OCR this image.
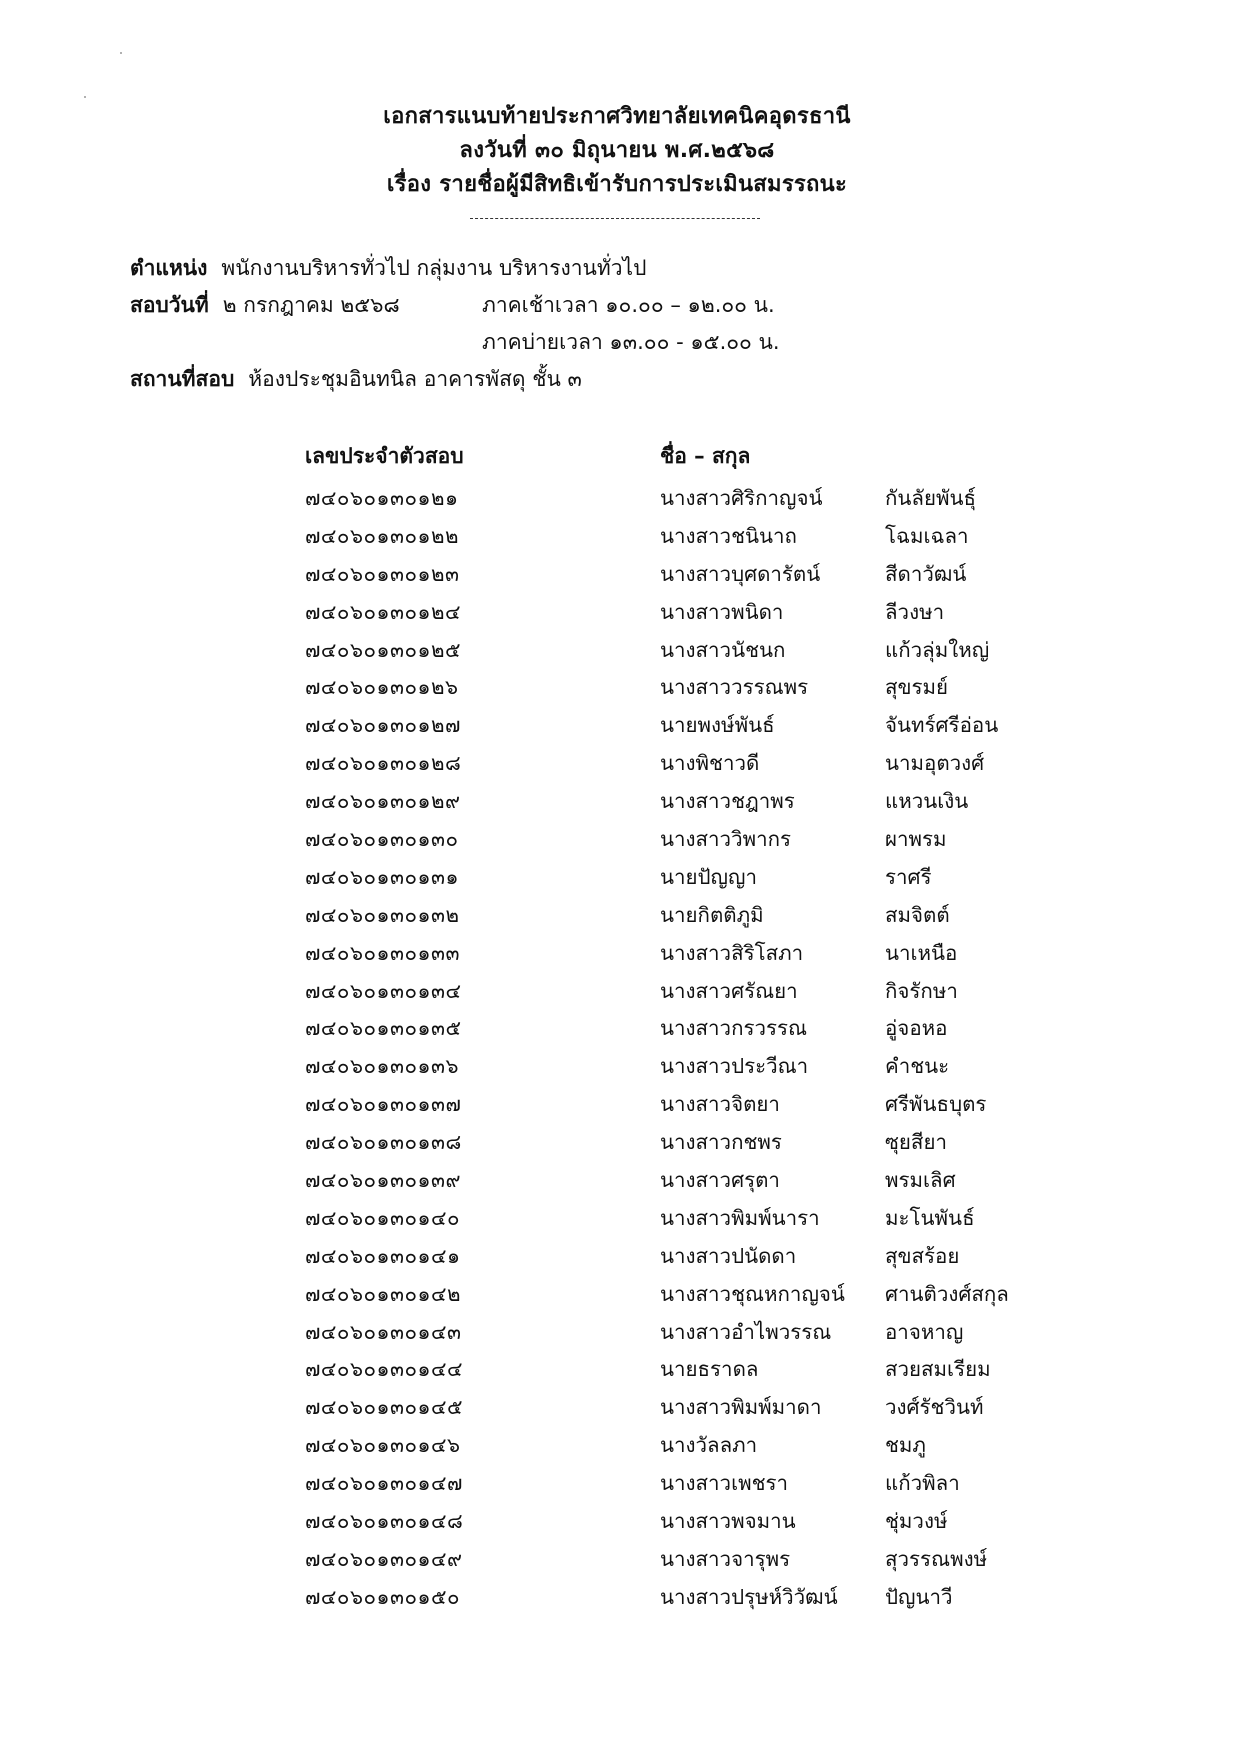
เอกสารแนบท้ายประกาศวิทยาลัยเทคนิคอุดรธานี
ลงวันที่ ๓๐ มิถุนายน พ.ศ.๒๕๖๘
เรื่อง รายชื่อผู้มีสิทธิเข้ารับการประเมินสมรรถนะ
ตำแหน่ง พนักงานบริหารทั่วไป กลุ่มงาน บริหารงานทั่วไป
สอบวันที่ ๒ กรกฎาคม ๒๕๖๘	ภาคเช้าเวลา ๑๐.๐๐ – ๑๒.๐๐ น.
ภาคบ่ายเวลา ๑๓.๐๐ - ๑๕.๐๐ น.
สถานที่สอบ ห้องประชุมอินทนิล อาคารพัสดุ ชั้น ๓
เลขประจำตัวสอบ	ชื่อ – สกุล
๗๔๐๖๐๑๓๐๑๒๑	นางสาวศิริกาญจน์	กันลัยพันธุ์
๗๔๐๖๐๑๓๐๑๒๒	นางสาวชนินาถ	โฉมเฉลา
๗๔๐๖๐๑๓๐๑๒๓	นางสาวบุศดารัตน์	สีดาวัฒน์
๗๔๐๖๐๑๓๐๑๒๔	นางสาวพนิดา	ลีวงษา
๗๔๐๖๐๑๓๐๑๒๕	นางสาวนัชนก	แก้วลุ่มใหญ่
๗๔๐๖๐๑๓๐๑๒๖	นางสาววรรณพร	สุขรมย์
๗๔๐๖๐๑๓๐๑๒๗	นายพงษ์พันธ์	จันทร์ศรีอ่อน
๗๔๐๖๐๑๓๐๑๒๘	นางพิชาวดี	นามอุตวงศ์
๗๔๐๖๐๑๓๐๑๒๙	นางสาวชฎาพร	แหวนเงิน
๗๔๐๖๐๑๓๐๑๓๐	นางสาววิพากร	ผาพรม
๗๔๐๖๐๑๓๐๑๓๑	นายปัญญา	ราศรี
๗๔๐๖๐๑๓๐๑๓๒	นายกิตติภูมิ	สมจิตต์
๗๔๐๖๐๑๓๐๑๓๓	นางสาวสิริโสภา	นาเหนือ
๗๔๐๖๐๑๓๐๑๓๔	นางสาวศรัณยา	กิจรักษา
๗๔๐๖๐๑๓๐๑๓๕	นางสาวกรวรรณ	อู่จอหอ
๗๔๐๖๐๑๓๐๑๓๖	นางสาวประวีณา	คำชนะ
๗๔๐๖๐๑๓๐๑๓๗	นางสาวจิตยา	ศรีพันธบุตร
๗๔๐๖๐๑๓๐๑๓๘	นางสาวกชพร	ซุยสียา
๗๔๐๖๐๑๓๐๑๓๙	นางสาวศรุตา	พรมเลิศ
๗๔๐๖๐๑๓๐๑๔๐	นางสาวพิมพ์นารา	มะโนพันธ์
๗๔๐๖๐๑๓๐๑๔๑	นางสาวปนัดดา	สุขสร้อย
๗๔๐๖๐๑๓๐๑๔๒	นางสาวชุณหกาญจน์ ศานติวงศ์สกุล
๗๔๐๖๐๑๓๐๑๔๓	นางสาวอำไพวรรณ	อาจหาญ
๗๔๐๖๐๑๓๐๑๔๔	นายธราดล	สวยสมเรียม
๗๔๐๖๐๑๓๐๑๔๕	นางสาวพิมพ์มาดา	วงศ์รัชวินท์
๗๔๐๖๐๑๓๐๑๔๖	นางวัลลภา	ชมภู
๗๔๐๖๐๑๓๐๑๔๗	นางสาวเพชรา	แก้วพิลา
๗๔๐๖๐๑๓๐๑๔๘	นางสาวพจมาน	ชุ่มวงษ์
๗๔๐๖๐๑๓๐๑๔๙	นางสาวจารุพร	สุวรรณพงษ์
๗๔๐๖๐๑๓๐๑๕๐	นางสาวปรุษห์วิวัฒน์ ปัญนาวี
